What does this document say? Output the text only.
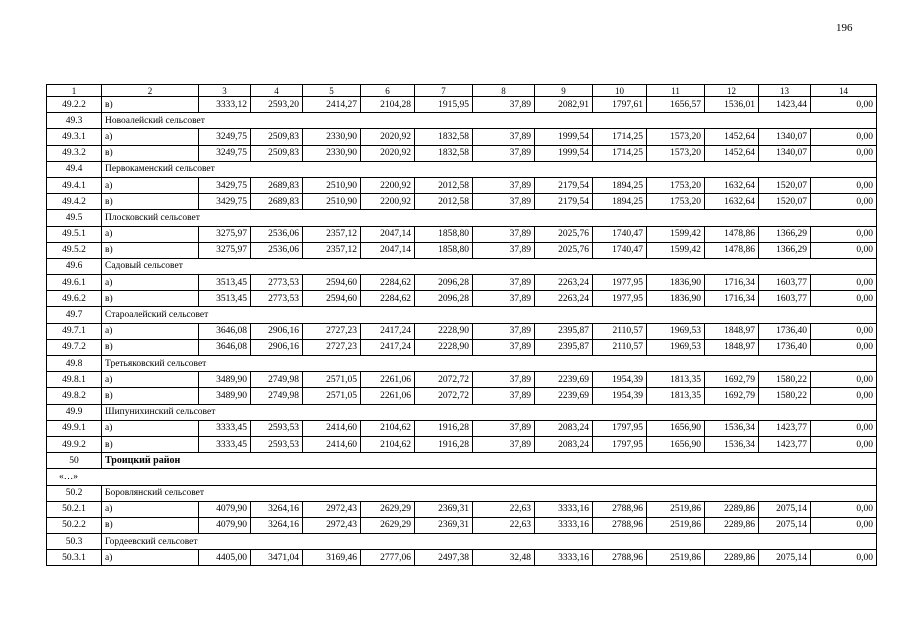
196
1	2	3	4	5	6	7	8	9	10	11	12	13	14
49.2.2	в)	3333,12	2593,20	2414,27	2104,28	1915,95	37,89	2082,91	1797,61	1656,57	1536,01	1423,44	0,00
49.3	Новоалейский сельсовет												
49.3.1	а)	3249,75	2509,83	2330,90	2020,92	1832,58	37,89	1999,54	1714,25	1573,20	1452,64	1340,07	0,00
49.3.2	в)	3249,75	2509,83	2330,90	2020,92	1832,58	37,89	1999,54	1714,25	1573,20	1452,64	1340,07	0,00
49.4	Первокаменский сельсовет												
49.4.1	а)	3429,75	2689,83	2510,90	2200,92	2012,58	37,89	2179,54	1894,25	1753,20	1632,64	1520,07	0,00
49.4.2	в)	3429,75	2689,83	2510,90	2200,92	2012,58	37,89	2179,54	1894,25	1753,20	1632,64	1520,07	0,00
49.5	Плосковский сельсовет												
49.5.1	а)	3275,97	2536,06	2357,12	2047,14	1858,80	37,89	2025,76	1740,47	1599,42	1478,86	1366,29	0,00
49.5.2	в)	3275,97	2536,06	2357,12	2047,14	1858,80	37,89	2025,76	1740,47	1599,42	1478,86	1366,29	0,00
49.6	Садовый сельсовет												
49.6.1	а)	3513,45	2773,53	2594,60	2284,62	2096,28	37,89	2263,24	1977,95	1836,90	1716,34	1603,77	0,00
49.6.2	в)	3513,45	2773,53	2594,60	2284,62	2096,28	37,89	2263,24	1977,95	1836,90	1716,34	1603,77	0,00
49.7	Староалейский сельсовет												
49.7.1	а)	3646,08	2906,16	2727,23	2417,24	2228,90	37,89	2395,87	2110,57	1969,53	1848,97	1736,40	0,00
49.7.2	в)	3646,08	2906,16	2727,23	2417,24	2228,90	37,89	2395,87	2110,57	1969,53	1848,97	1736,40	0,00
49.8	Третьяковский сельсовет												
49.8.1	а)	3489,90	2749,98	2571,05	2261,06	2072,72	37,89	2239,69	1954,39	1813,35	1692,79	1580,22	0,00
49.8.2	в)	3489,90	2749,98	2571,05	2261,06	2072,72	37,89	2239,69	1954,39	1813,35	1692,79	1580,22	0,00
49.9	Шипунихинский сельсовет												
49.9.1	а)	3333,45	2593,53	2414,60	2104,62	1916,28	37,89	2083,24	1797,95	1656,90	1536,34	1423,77	0,00
49.9.2	в)	3333,45	2593,53	2414,60	2104,62	1916,28	37,89	2083,24	1797,95	1656,90	1536,34	1423,77	0,00
50	Троицкий район												
«…»													
50.2	Боровлянский сельсовет												
50.2.1	а)	4079,90	3264,16	2972,43	2629,29	2369,31	22,63	3333,16	2788,96	2519,86	2289,86	2075,14	0,00
50.2.2	в)	4079,90	3264,16	2972,43	2629,29	2369,31	22,63	3333,16	2788,96	2519,86	2289,86	2075,14	0,00
50.3	Гордеевский сельсовет												
50.3.1	а)	4405,00	3471,04	3169,46	2777,06	2497,38	32,48	3333,16	2788,96	2519,86	2289,86	2075,14	0,00
